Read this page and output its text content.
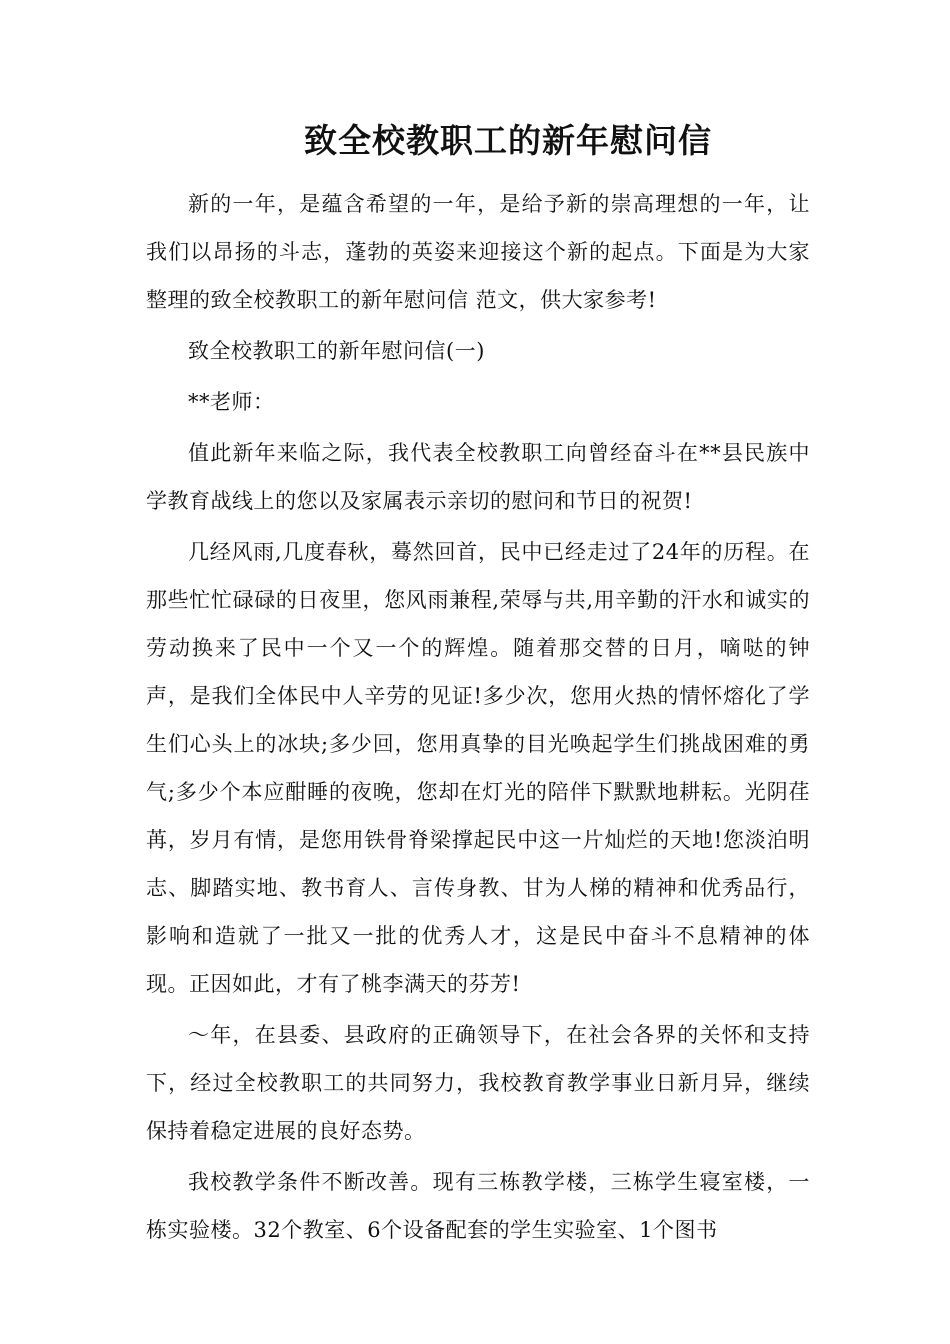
致全校教职工的新年慰问信

新的一年，是蕴含希望的一年，是给予新的崇高理想的一年，让我们以昂扬的斗志，蓬勃的英姿来迎接这个新的起点。下面是为大家整理的致全校教职工的新年慰问信 范文，供大家参考!

致全校教职工的新年慰问信(一)

**老师：

值此新年来临之际，我代表全校教职工向曾经奋斗在**县民族中学教育战线上的您以及家属表示亲切的慰问和节日的祝贺!

几经风雨,几度春秋，蓦然回首，民中已经走过了24年的历程。在那些忙忙碌碌的日夜里，您风雨兼程,荣辱与共,用辛勤的汗水和诚实的劳动换来了民中一个又一个的辉煌。随着那交替的日月，嘀哒的钟声，是我们全体民中人辛劳的见证!多少次，您用火热的情怀熔化了学生们心头上的冰块;多少回，您用真挚的目光唤起学生们挑战困难的勇气;多少个本应酣睡的夜晚，您却在灯光的陪伴下默默地耕耘。光阴荏苒，岁月有情，是您用铁骨脊梁撑起民中这一片灿烂的天地!您淡泊明志、脚踏实地、教书育人、言传身教、甘为人梯的精神和优秀品行，影响和造就了一批又一批的优秀人才，这是民中奋斗不息精神的体现。正因如此，才有了桃李满天的芬芳!

～年，在县委、县政府的正确领导下，在社会各界的关怀和支持下，经过全校教职工的共同努力，我校教育教学事业日新月异，继续保持着稳定进展的良好态势。

我校教学条件不断改善。现有三栋教学楼，三栋学生寝室楼，一栋实验楼。32个教室、6个设备配套的学生实验室、1个图书
